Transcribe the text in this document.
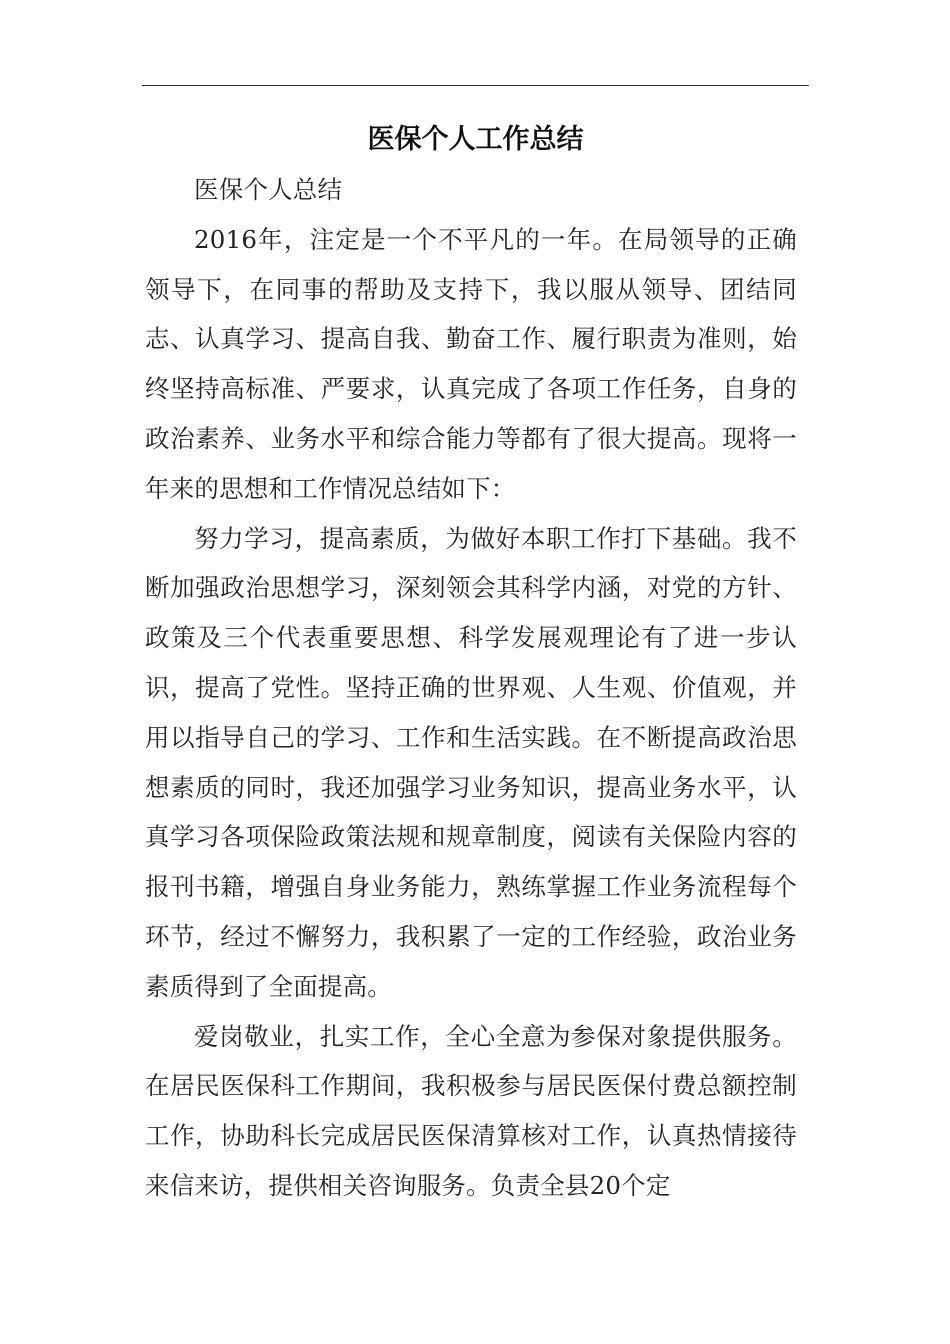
医保个人工作总结

医保个人总结

2016年，注定是一个不平凡的一年。在局领导的正确领导下，在同事的帮助及支持下，我以服从领导、团结同志、认真学习、提高自我、勤奋工作、履行职责为准则，始终坚持高标准、严要求，认真完成了各项工作任务，自身的政治素养、业务水平和综合能力等都有了很大提高。现将一年来的思想和工作情况总结如下：

努力学习，提高素质，为做好本职工作打下基础。我不断加强政治思想学习，深刻领会其科学内涵，对党的方针、政策及三个代表重要思想、科学发展观理论有了进一步认识，提高了党性。坚持正确的世界观、人生观、价值观，并用以指导自己的学习、工作和生活实践。在不断提高政治思想素质的同时，我还加强学习业务知识，提高业务水平，认真学习各项保险政策法规和规章制度，阅读有关保险内容的报刊书籍，增强自身业务能力，熟练掌握工作业务流程每个环节，经过不懈努力，我积累了一定的工作经验，政治业务素质得到了全面提高。

爱岗敬业，扎实工作，全心全意为参保对象提供服务。在居民医保科工作期间，我积极参与居民医保付费总额控制工作，协助科长完成居民医保清算核对工作，认真热情接待来信来访，提供相关咨询服务。负责全县20个定
